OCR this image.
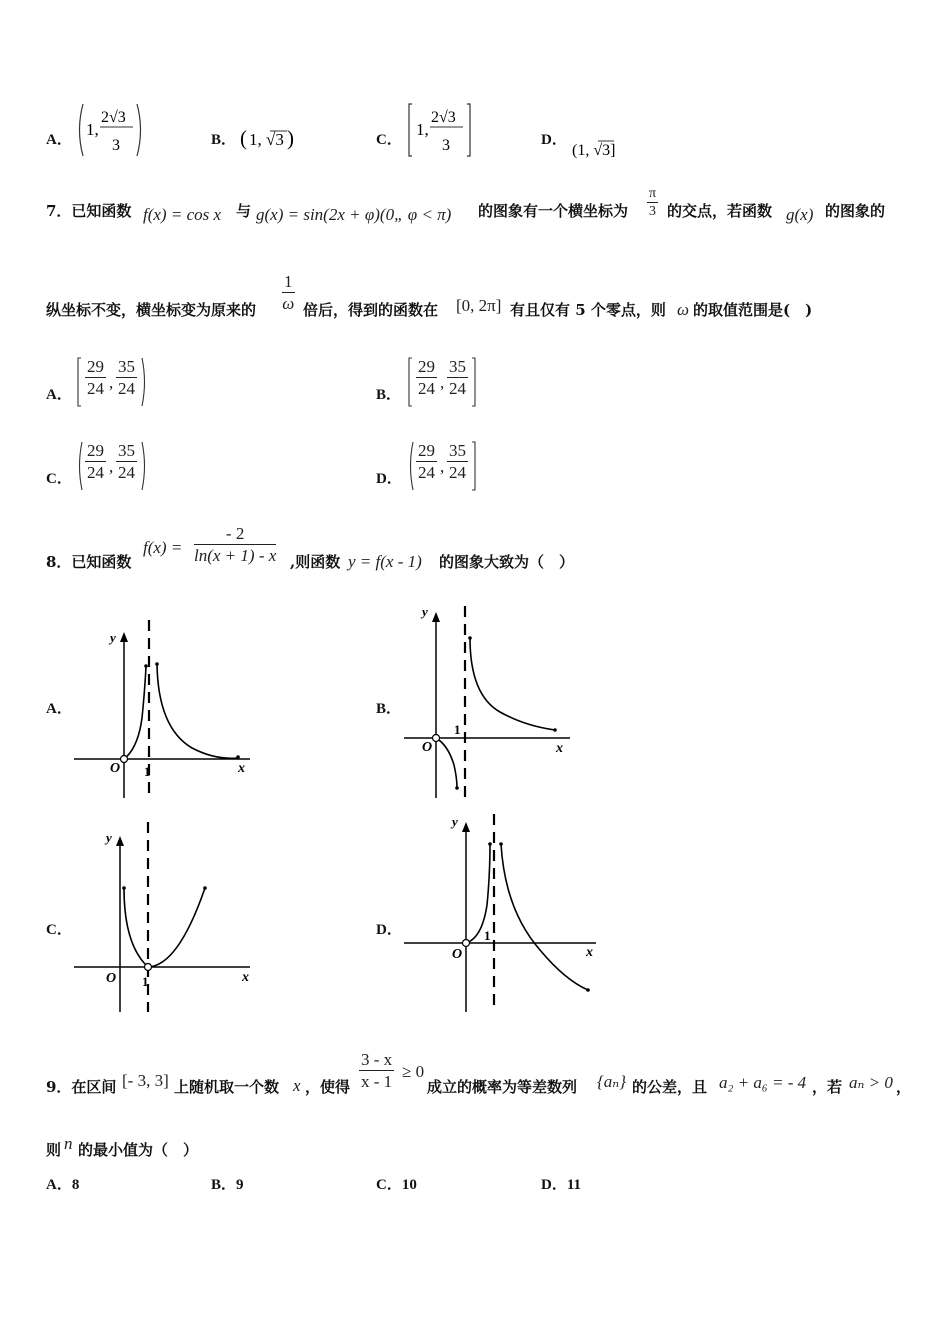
A．
1,
2√3
3	B． ( 1, √3 )	C．
1,
2√3
3	D．
(1, √3]
7．已知函数 f(x) = cos x 与 g(x) = sin(2x + φ)(0„ φ < π) 的图象有一个横坐标为 $\frac{\pi}{3}$ 的交点，若函数 g(x) 的图象的
纵坐标不变，横坐标变为原来的 $\frac{1}{\omega}$ 倍后，得到的函数在 [0, 2π] 有且仅有 5 个零点，则 ω 的取值范围是(　)
A． $\frac{29}{24}$ , $\frac{35}{24}$	B． $\frac{29}{24}$ , $\frac{35}{24}$
C． $\frac{29}{24}$ , $\frac{35}{24}$	D． $\frac{29}{24}$ , $\frac{35}{24}$
8．已知函数
$f(x) = \frac{- 2}{\ln(x + 1) - x}$ ,则函数 y = f(x - 1) 的图象大致为（　）
A．
y
x
O 1
B．
y
x
O
1
C．
y
x
O 1
D．
y
x
O
1
9．在区间 [- 3, 3] 上随机取一个数 x ，使得 $\frac{3 - x}{x - 1} \ge 0$
成立的概率为等差数列 {aₙ} 的公差，且 a₂ + a₆ = - 4 ，若 aₙ > 0 ，
则 n 的最小值为（　）
A．8	B．9	C．10	D．11
